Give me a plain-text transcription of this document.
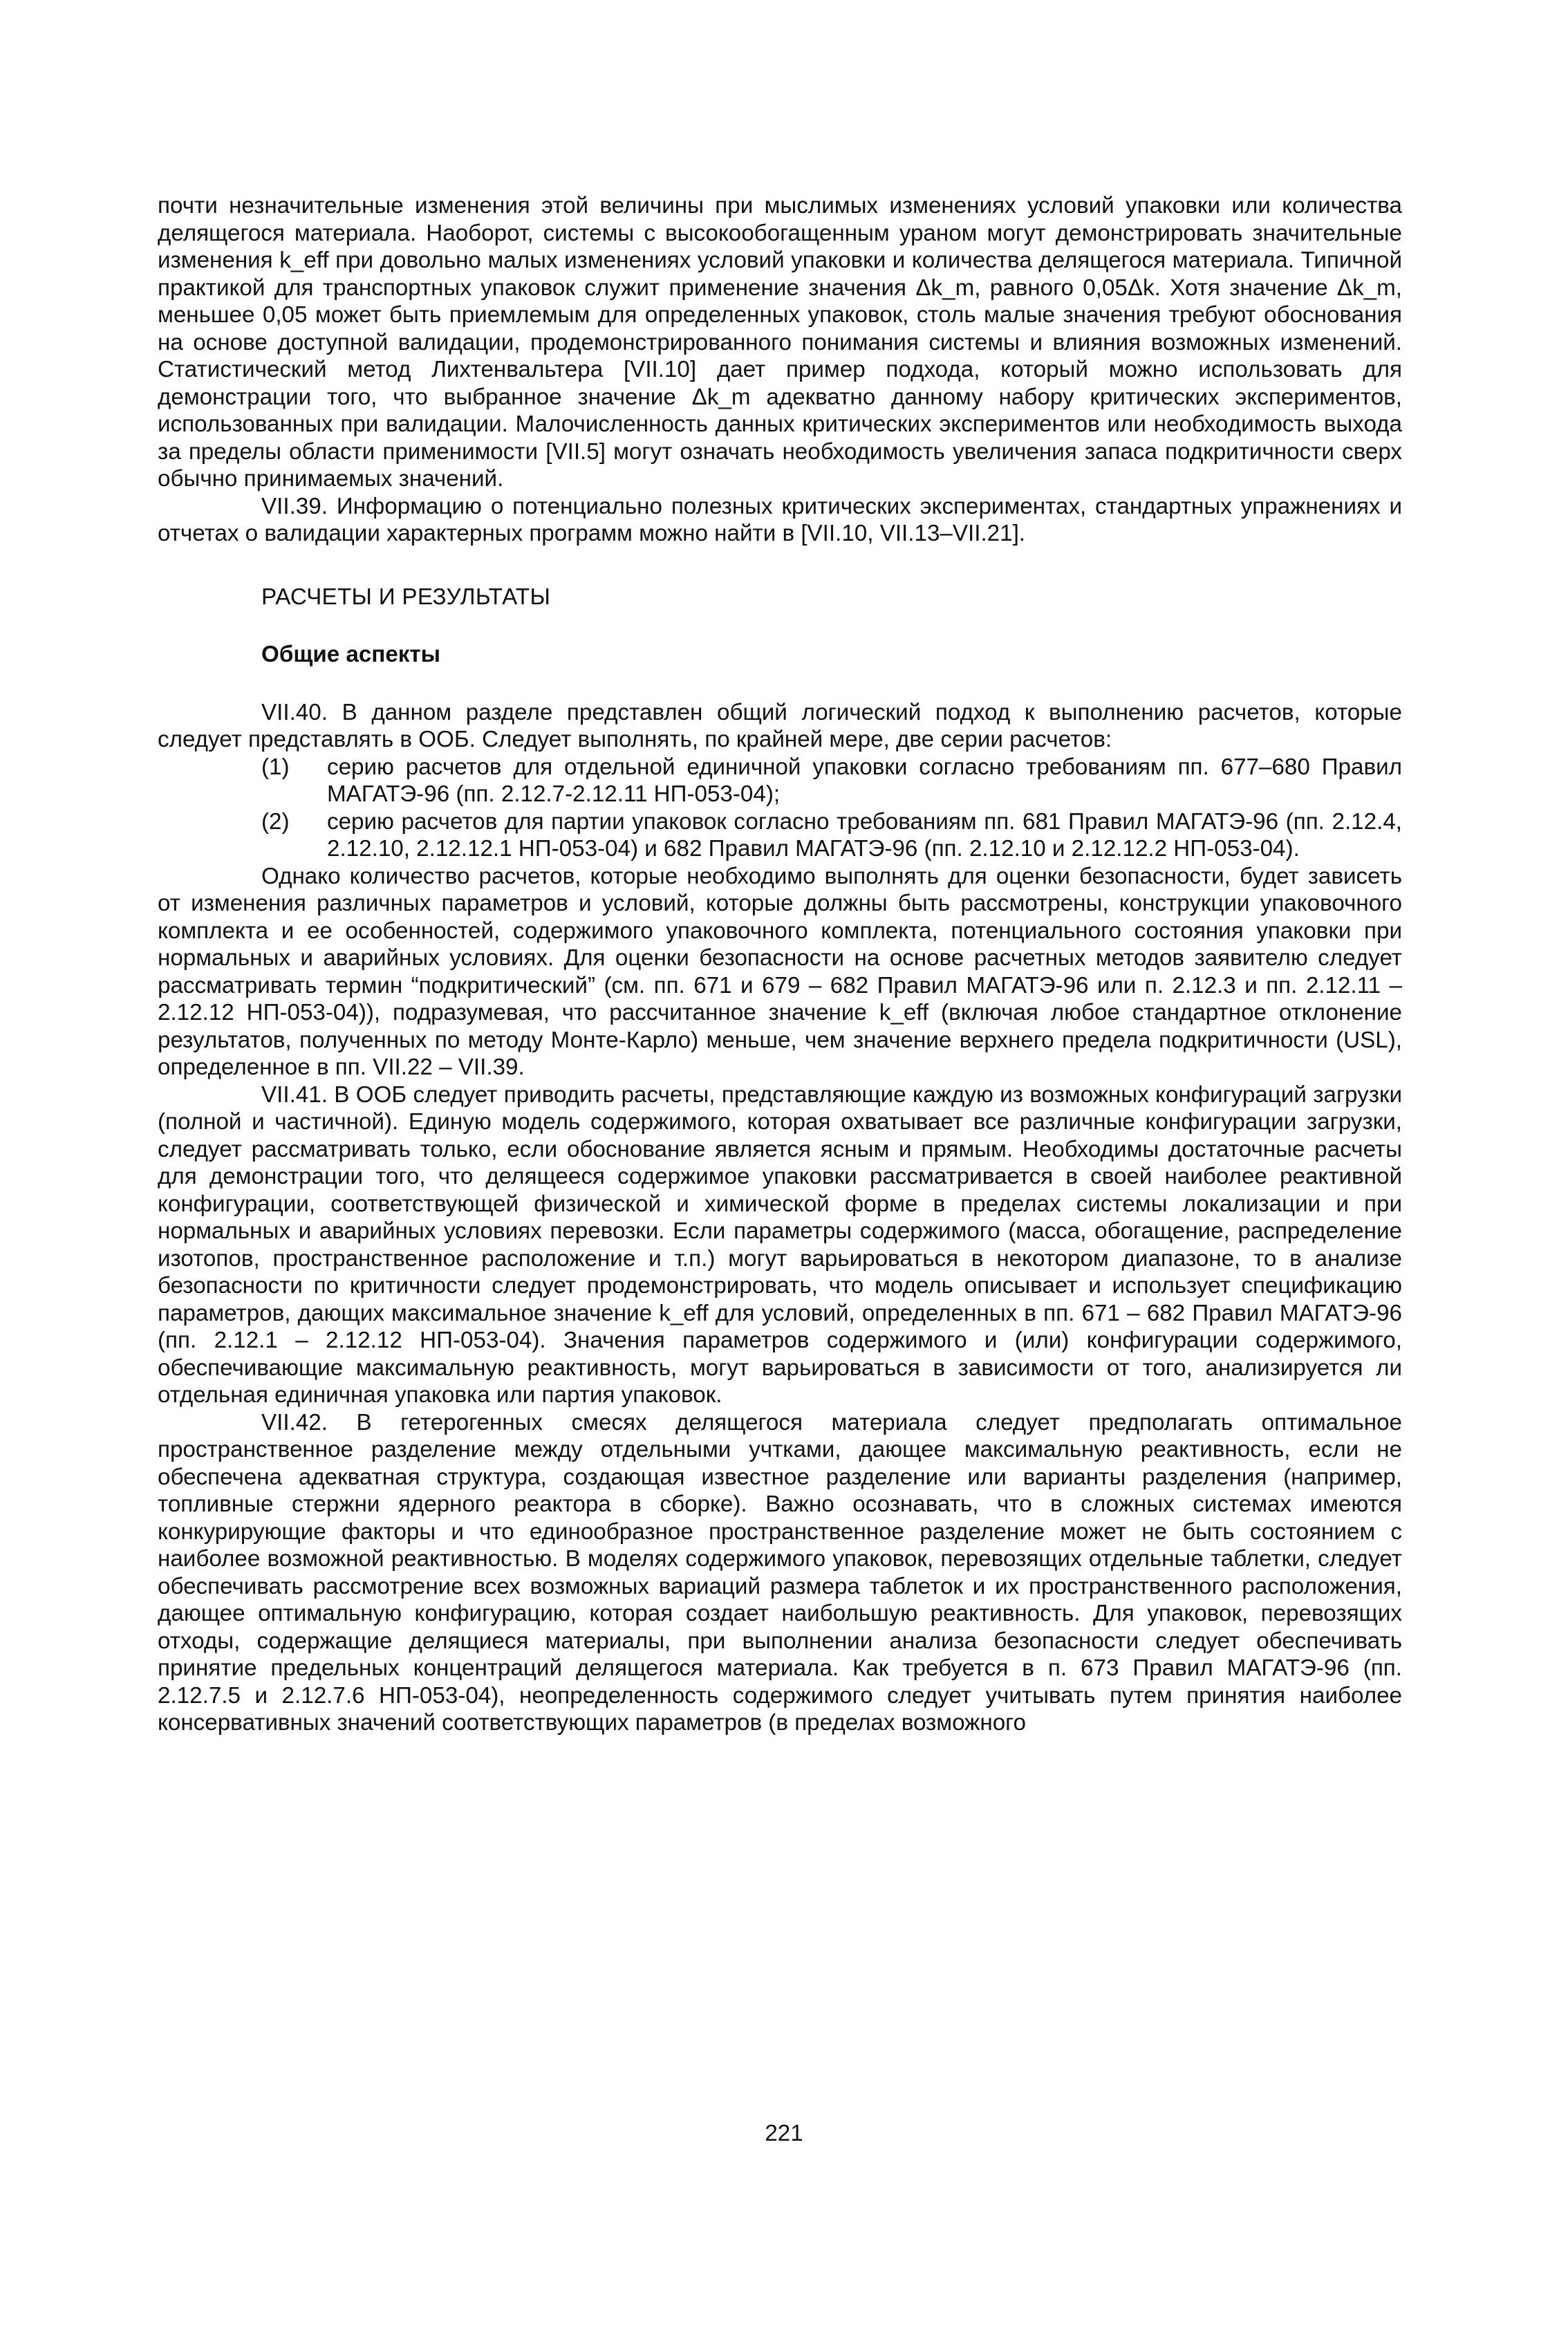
почти незначительные изменения этой величины при мыслимых изменениях условий упаковки или количества делящегося материала. Наоборот, системы с высокообогащенным ураном могут демонстрировать значительные изменения k_eff при довольно малых изменениях условий упаковки и количества делящегося материала. Типичной практикой для транспортных упаковок служит применение значения Δk_m, равного 0,05Δk. Хотя значение Δk_m, меньшее 0,05 может быть приемлемым для определенных упаковок, столь малые значения требуют обоснования на основе доступной валидации, продемонстрированного понимания системы и влияния возможных изменений. Статистический метод Лихтенвальтера [VII.10] дает пример подхода, который можно использовать для демонстрации того, что выбранное значение Δk_m адекватно данному набору критических экспериментов, использованных при валидации. Малочисленность данных критических экспериментов или необходимость выхода за пределы области применимости [VII.5] могут означать необходимость увеличения запаса подкритичности сверх обычно принимаемых значений.

VII.39. Информацию о потенциально полезных критических экспериментах, стандартных упражнениях и отчетах о валидации характерных программ можно найти в [VII.10, VII.13–VII.21].

РАСЧЕТЫ И РЕЗУЛЬТАТЫ
Общие аспекты

VII.40. В данном разделе представлен общий логический подход к выполнению расчетов, которые следует представлять в ООБ. Следует выполнять, по крайней мере, две серии расчетов:

(1)	серию расчетов для отдельной единичной упаковки согласно требованиям пп. 677–680 Правил МАГАТЭ-96 (пп. 2.12.7-2.12.11 НП-053-04);
(2)	серию расчетов для партии упаковок согласно требованиям пп. 681 Правил МАГАТЭ-96 (пп. 2.12.4, 2.12.10, 2.12.12.1 НП-053-04) и 682 Правил МАГАТЭ-96 (пп. 2.12.10 и 2.12.12.2 НП-053-04).

Однако количество расчетов, которые необходимо выполнять для оценки безопасности, будет зависеть от изменения различных параметров и условий, которые должны быть рассмотрены, конструкции упаковочного комплекта и ее особенностей, содержимого упаковочного комплекта, потенциального состояния упаковки при нормальных и аварийных условиях. Для оценки безопасности на основе расчетных методов заявителю следует рассматривать термин “подкритический” (см. пп. 671 и 679 – 682 Правил МАГАТЭ-96 или п. 2.12.3 и пп. 2.12.11 – 2.12.12 НП-053-04)), подразумевая, что рассчитанное значение k_eff (включая любое стандартное отклонение результатов, полученных по методу Монте-Карло) меньше, чем значение верхнего предела подкритичности (USL), определенное в пп. VII.22 – VII.39.

VII.41. В ООБ следует приводить расчеты, представляющие каждую из возможных конфигураций загрузки (полной и частичной). Единую модель содержимого, которая охватывает все различные конфигурации загрузки, следует рассматривать только, если обоснование является ясным и прямым. Необходимы достаточные расчеты для демонстрации того, что делящееся содержимое упаковки рассматривается в своей наиболее реактивной конфигурации, соответствующей физической и химической форме в пределах системы локализации и при нормальных и аварийных условиях перевозки. Если параметры содержимого (масса, обогащение, распределение изотопов, пространственное расположение и т.п.) могут варьироваться в некотором диапазоне, то в анализе безопасности по критичности следует продемонстрировать, что модель описывает и использует спецификацию параметров, дающих максимальное значение k_eff для условий, определенных в пп. 671 – 682 Правил МАГАТЭ-96 (пп. 2.12.1 – 2.12.12 НП-053-04). Значения параметров содержимого и (или) конфигурации содержимого, обеспечивающие максимальную реактивность, могут варьироваться в зависимости от того, анализируется ли отдельная единичная упаковка или партия упаковок.

VII.42. В гетерогенных смесях делящегося материала следует предполагать оптимальное пространственное разделение между отдельными учтками, дающее максимальную реактивность, если не обеспечена адекватная структура, создающая известное разделение или варианты разделения (например, топливные стержни ядерного реактора в сборке). Важно осознавать, что в сложных системах имеются конкурирующие факторы и что единообразное пространственное разделение может не быть состоянием с наиболее возможной реактивностью. В моделях содержимого упаковок, перевозящих отдельные таблетки, следует обеспечивать рассмотрение всех возможных вариаций размера таблеток и их пространственного расположения, дающее оптимальную конфигурацию, которая создает наибольшую реактивность. Для упаковок, перевозящих отходы, содержащие делящиеся материалы, при выполнении анализа безопасности следует обеспечивать принятие предельных концентраций делящегося материала. Как требуется в п. 673 Правил МАГАТЭ-96 (пп. 2.12.7.5 и 2.12.7.6 НП-053-04), неопределенность содержимого следует учитывать путем принятия наиболее консервативных значений соответствующих параметров (в пределах возможного

221
